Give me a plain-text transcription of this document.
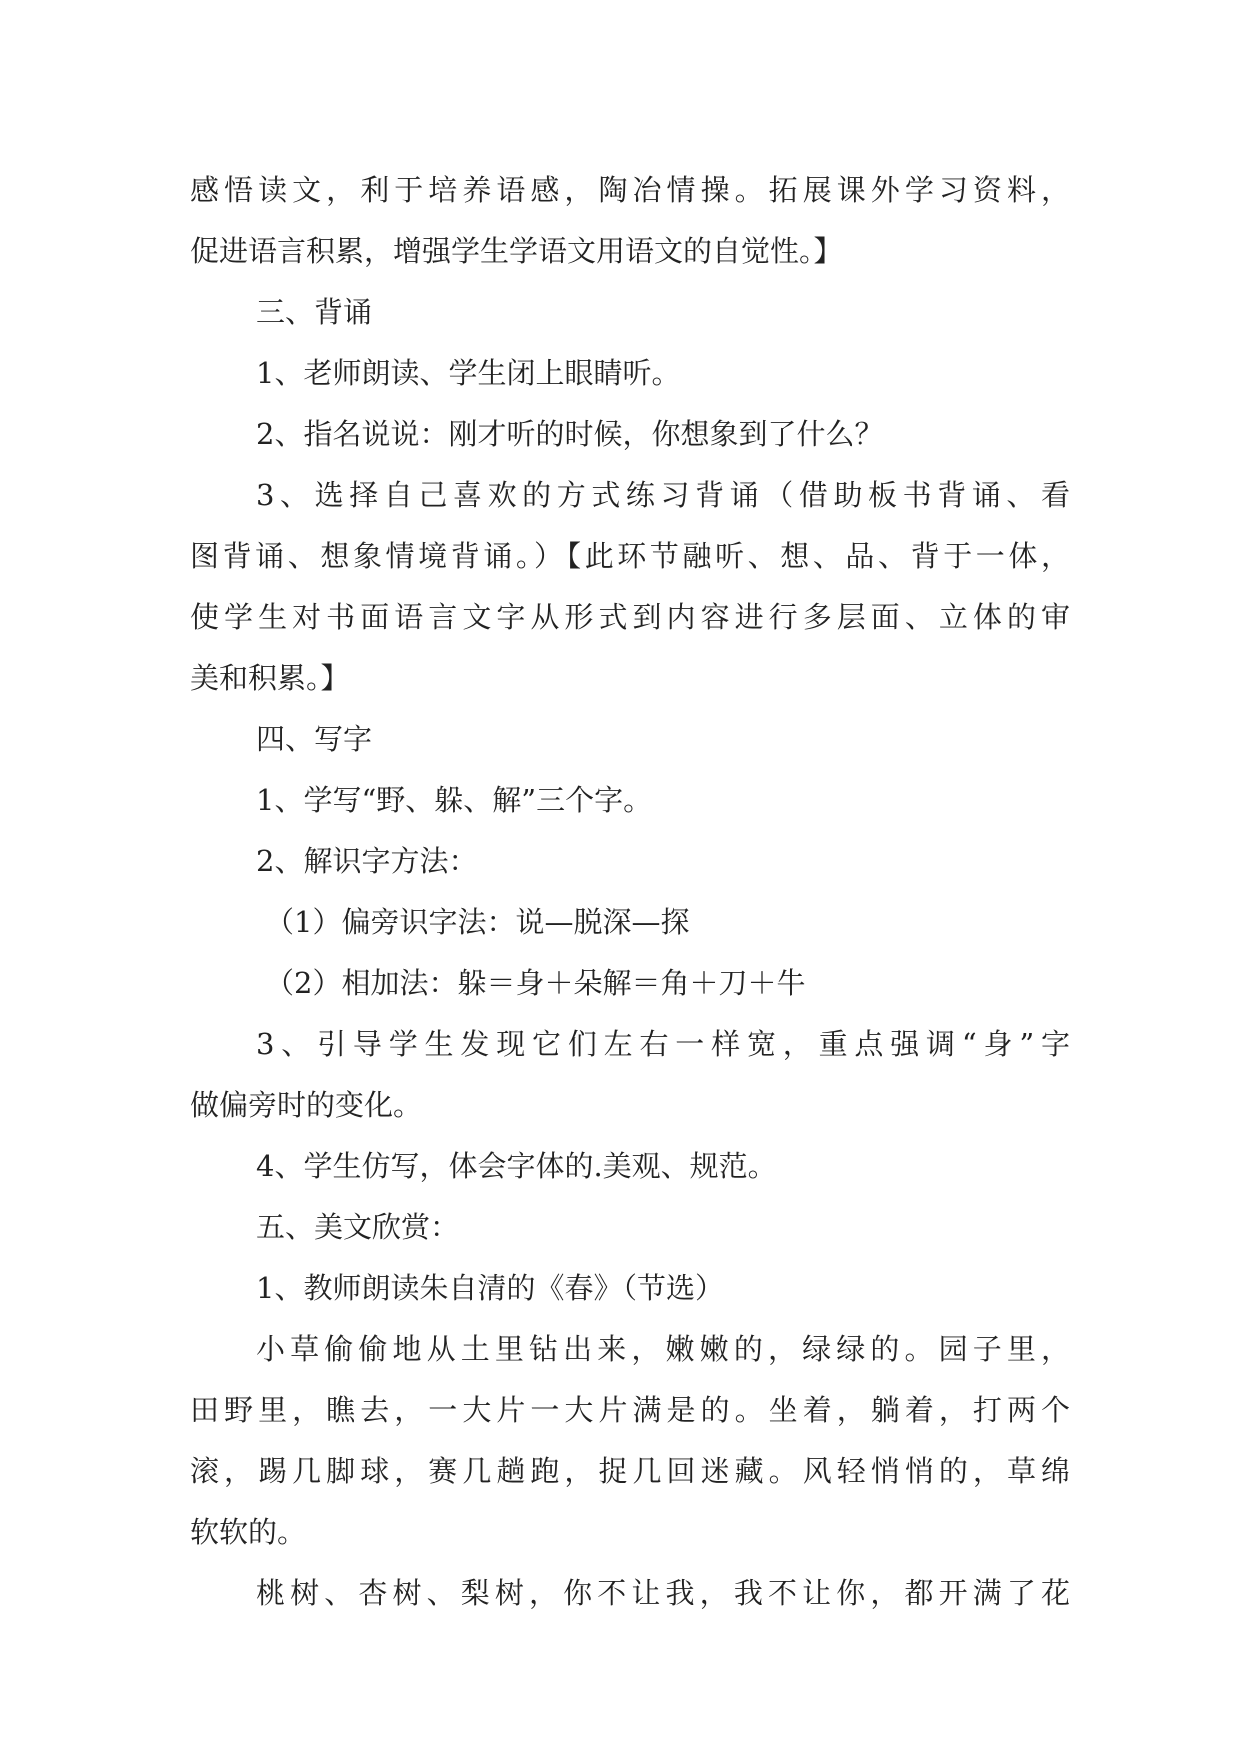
感悟读文，利于培养语感，陶冶情操。拓展课外学习资料，
促进语言积累，增强学生学语文用语文的自觉性。】
三、背诵
1、老师朗读、学生闭上眼睛听。
2、指名说说：刚才听的时候，你想象到了什么？
3、选择自己喜欢的方式练习背诵（借助板书背诵、看
图背诵、想象情境背诵。）【此环节融听、想、品、背于一体，
使学生对书面语言文字从形式到内容进行多层面、立体的审
美和积累。】
四、写字
1、学写“野、躲、解”三个字。
2、解识字方法：
（1）偏旁识字法：说—脱深—探
（2）相加法：躲＝身＋朵解＝角＋刀＋牛
3、引导学生发现它们左右一样宽，重点强调“身”字
做偏旁时的变化。
4、学生仿写，体会字体的.美观、规范。
五、美文欣赏：
1、教师朗读朱自清的《春》（节选）
小草偷偷地从土里钻出来，嫩嫩的，绿绿的。园子里，
田野里，瞧去，一大片一大片满是的。坐着，躺着，打两个
滚，踢几脚球，赛几趟跑，捉几回迷藏。风轻悄悄的，草绵
软软的。
桃树、杏树、梨树，你不让我，我不让你，都开满了花
